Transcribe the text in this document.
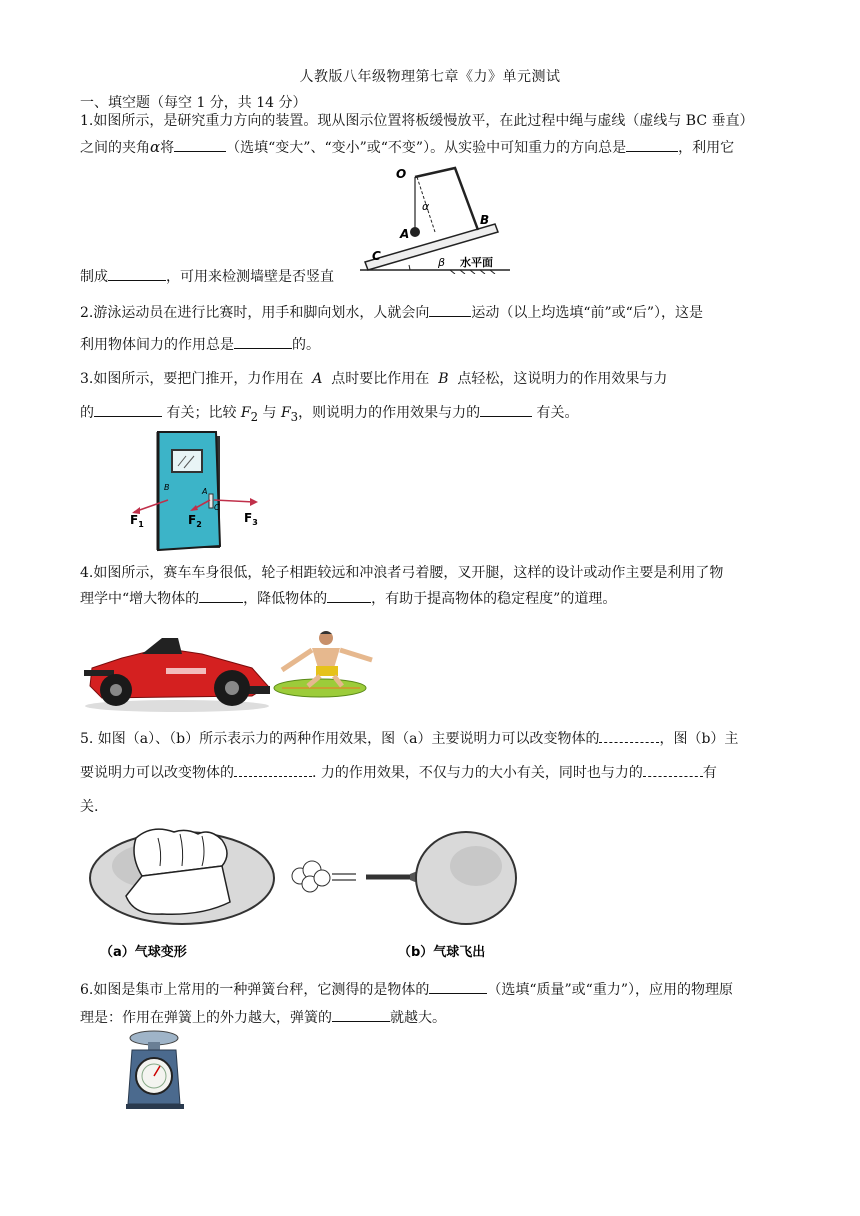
人教版八年级物理第七章《力》单元测试
一、填空题（每空 1 分，共 14 分）
1.如图所示，是研究重力方向的装置。现从图示位置将板缓慢放平，在此过程中绳与虚线（虚线与 BC 垂直）
之间的夹角α将	（选填“变大”、“变小”或“不变”）。从实验中可知重力的方向总是	，利用它
制成	，可用来检测墙壁是否竖直
O
α
A
B
C	β 水平面
2.游泳运动员在进行比赛时，用手和脚向划水，人就会向	运动（以上均选填“前”或“后”），这是
利用物体间力的作用总是	的。
3.如图所示，要把门推开，力作用在 A 点时要比作用在 B 点轻松，这说明力的作用效果与力
的	有关；比较 $F_2$ 与 $F_3$，则说明力的作用效果与力的	有关。
B	A
C
$F_1$	$F_2$	$F_3$
4.如图所示，赛车车身很低，轮子相距较远和冲浪者弓着腰，叉开腿，这样的设计或动作主要是利用了物
理学中“增大物体的	，降低物体的	，有助于提高物体的稳定程度”的道理。
5. 如图（a）、（b）所示表示力的两种作用效果，图（a）主要说明力可以改变物体的	，图（b）主
要说明力可以改变物体的	. 力的作用效果，不仅与力的大小有关，同时也与力的	有
关.
（a）气球变形	（b）气球飞出
6.如图是集市上常用的一种弹簧台秤，它测得的是物体的	（选填“质量”或“重力”），应用的物理原
理是：作用在弹簧上的外力越大，弹簧的	就越大。
